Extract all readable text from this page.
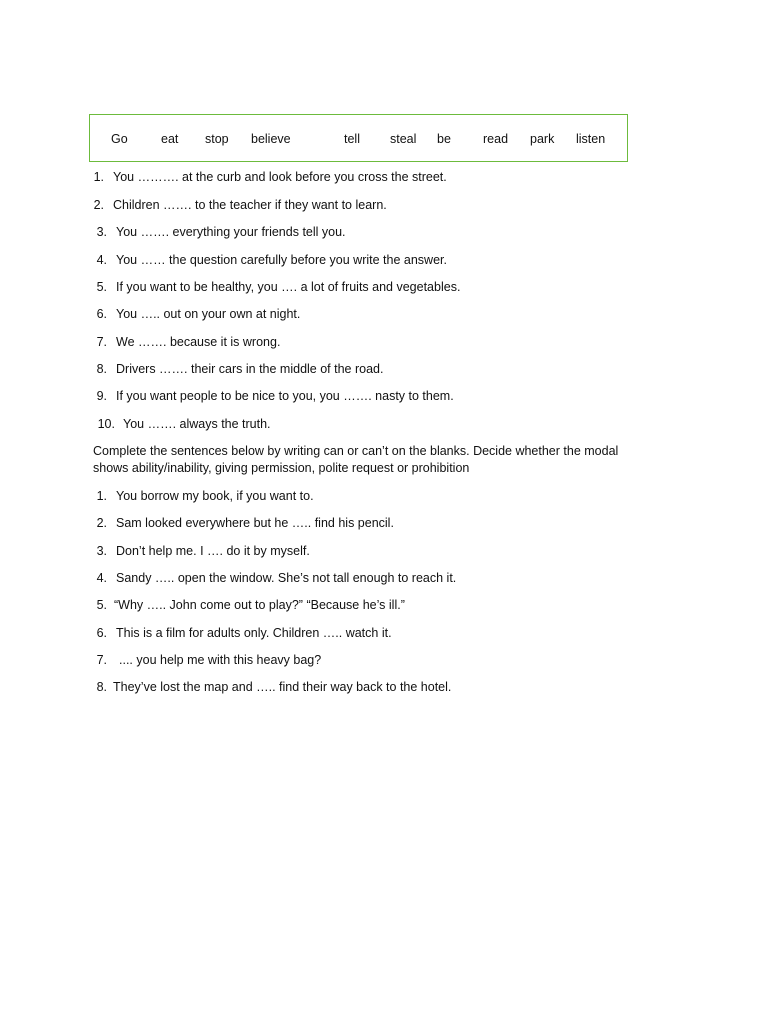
Go	eat stop believe	tell steal be	read park listen
1. You ………. at the curb and look before you cross the street.
2. Children ……. to the teacher if they want to learn.
3. You ……. everything your friends tell you.
4. You …… the question carefully before you write the answer.
5. If you want to be healthy, you …. a lot of fruits and vegetables.
6. You ….. out on your own at night.
7. We ……. because it is wrong.
8. Drivers ……. their cars in the middle of the road.
9. If you want people to be nice to you, you ……. nasty to them.
10. You ……. always the truth.
Complete the sentences below by writing can or can’t on the blanks. Decide whether the modal shows ability/inability, giving permission, polite request or prohibition
1. You borrow my book, if you want to.
2. Sam looked everywhere but he ….. find his pencil.
3. Don’t help me. I …. do it by myself.
4. Sandy ….. open the window. She’s not tall enough to reach it.
5. “Why ….. John come out to play?” “Because he’s ill.”
6. This is a film for adults only. Children ….. watch it.
7. .... you help me with this heavy bag?
8. They’ve lost the map and ….. find their way back to the hotel.
